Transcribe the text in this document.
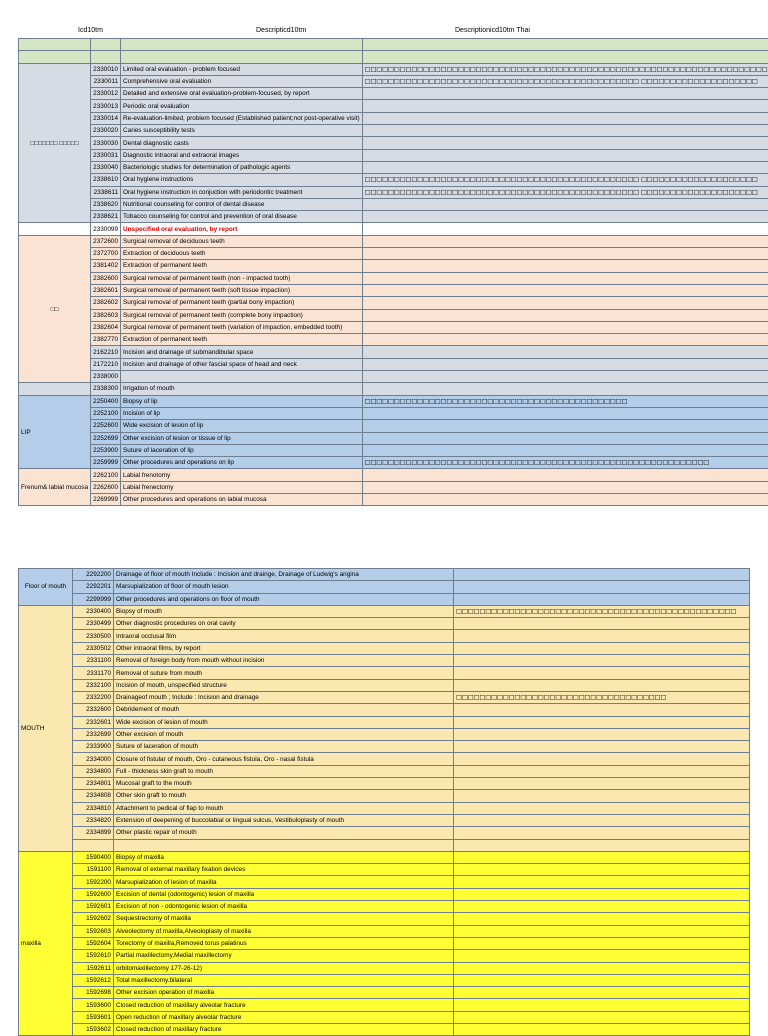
Icd10tm	Descripticd10tm	Descriptionicd10tm Thai

□□□□□□□ □□□□□	2330010	Limited oral evaluation - problem focused	□□□□□□□□□□□□□□□□□□□□□□□□□□□□□□□□□□□□□□□□□□□□□□□□□□□□□□□□□□□□□□□□□□□□□
	2330011	Comprehensive oral evaluation	□□□□□□□□□□□□□□□□□□□□□□□□□□□□□□□□□□□□□□□□□□□□□□□ □□□□□□□□□□□□□□□□□□□□
	2330012	Detailed and extensive oral evaluation-problem-focused, by report	
	2330013	Periodic oral evaluation	
	2330014	Re-evaluation-limited, problem focused (Established patient;not post-operative visit)	
	2330020	Caries susceptibility tests	
	2330030	Dental diagnostic casts	
	2330031	Diagnostic intraoral and extraoral images	
	2330040	Bacteriologic studies for determination of pathologic agents	
	2338610	Oral hygiene instructions	□□□□□□□□□□□□□□□□□□□□□□□□□□□□□□□□□□□□□□□□□□□□□□□ □□□□□□□□□□□□□□□□□□□□
	2338611	Oral hygiene instruction in conjuction with periodontic treatment	□□□□□□□□□□□□□□□□□□□□□□□□□□□□□□□□□□□□□□□□□□□□□□□ □□□□□□□□□□□□□□□□□□□□
	2338620	Nutritional counseling for control of dental disease	
	2338621	Tobacco counseling for control and prevention of oral disease	
	2330099	Unspecified oral evaluation, by report	
□□	2372600	Surgical removal of deciduous teeth	
	2372700	Extraction of deciduous teeth	
	2381402	Extraction of permanent teeth	
	2382600	Surgical removal of permanent teeth (non - impacted tooth)	
	2382601	Surgical removal of permanent teeth (soft tissue impaction)	
	2382602	Surgical removal of permanent teeth (partial bony impaction)	
	2382603	Surgical removal of permanent teeth (complete bony impaction)	
	2382604	Surgical removal of permanent teeth (variation of impaction, embedded tooth)	
	2382770	Extraction of permanent teeth	
	2162210	Incision and drainage of submandibular space	
	2172210	Incision and drainage of other fascial space of head and neck	
	2338000		
	2338300	Irrigation of mouth	
LIP	2250400	Biopsy of lip	□□□□□□□□□□□□□□□□□□□□□□□□□□□□□□□□□□□□□□□□□□□□□
	2252100	Incision of lip	
	2252600	Wide excision of lesion of lip	
	2252699	Other excision of lesion or tissue of lip	
	2253900	Suture of laceration of lip	
	2259999	Other procedures and operations on lip	□□□□□□□□□□□□□□□□□□□□□□□□□□□□□□□□□□□□□□□□□□□□□□□□□□□□□□□□□□□
Frenum& labial mucosa	2262100	Labial frenotomy	
	2262600	Labial frenectomy	
	2269999	Other procedures and operations on labial mucosa	
Floor of mouth	2292200	Drainage of floor of mouth Include : Incision and drainge, Drainage of Ludwig's angina	
	2292201	Marsupialization of floor of mouth lesion	
	2299999	Other procedures and operations on floor of mouth	
MOUTH	2330400	Biopsy of mouth	□□□□□□□□□□□□□□□□□□□□□□□□□□□□□□□□□□□□□□□□□□□□□□□□
	2330499	Other diagnostic procedures on oral cavity	
	2330500	Intraoral occlusal film	
	2330502	Other intraoral films, by report	
	2331100	Removal of foreign body from mouth without incision	
	2331170	Removal of suture from mouth	
	2332100	Incision of mouth, unspecified structure	
	2332200	Drainageof mouth ; Include : Incision and drainage	□□□□□□□□□□□□□□□□□□□□□□□□□□□□□□□□□□□□
	2332600	Debridement of mouth	
	2332601	Wide excision of lesion of mouth	
	2332699	Other excision of mouth	
	2333900	Suture of laceration of mouth	
	2334000	Closure of fistular of mouth, Oro - cutaneous fistula, Oro - nasal fistula	
	2334800	Full - thickness skin graft to mouth	
	2334801	Mucosal graft to the mouth	
	2334808	Other skin graft to mouth	
	2334810	Attachment to pedical of flap to mouth	
	2334820	Extension of deepening of buccolabial or lingual sulcus, Vestibuloplasty of mouth	
	2334899	Other plastic repair of mouth	

maxilla	1590400	Biopsy of maxilla	
	1591100	Removal of external maxillary fixation devices	
	1592200	Marsupialization of lesion of maxilla	
	1592600	Excision of dental (odontogenic) lesion of maxilla	
	1592601	Excision of non - odontogenic lesion of maxilla	
	1592602	Sequestrectomy of maxilla	
	1592603	Alveolectomy of maxilla,Alveoloplasty of maxilla	
	1592604	Torectomy of maxilla,Removed torus palatinus	
	1592610	Partial maxillectomy,Medial maxillectomy	
	1592611	orbitomaxillectomy 177-26-12)	
	1592612	Total maxillectomy.bilateral	
	1592698	Other excision operation of maxilla	
	1593600	Closed reduction of maxillary alveolar fracture	
	1593601	Open reduction of maxillary alveolar fracture	
	1593602	Closed reduction of maxillary fracture	
